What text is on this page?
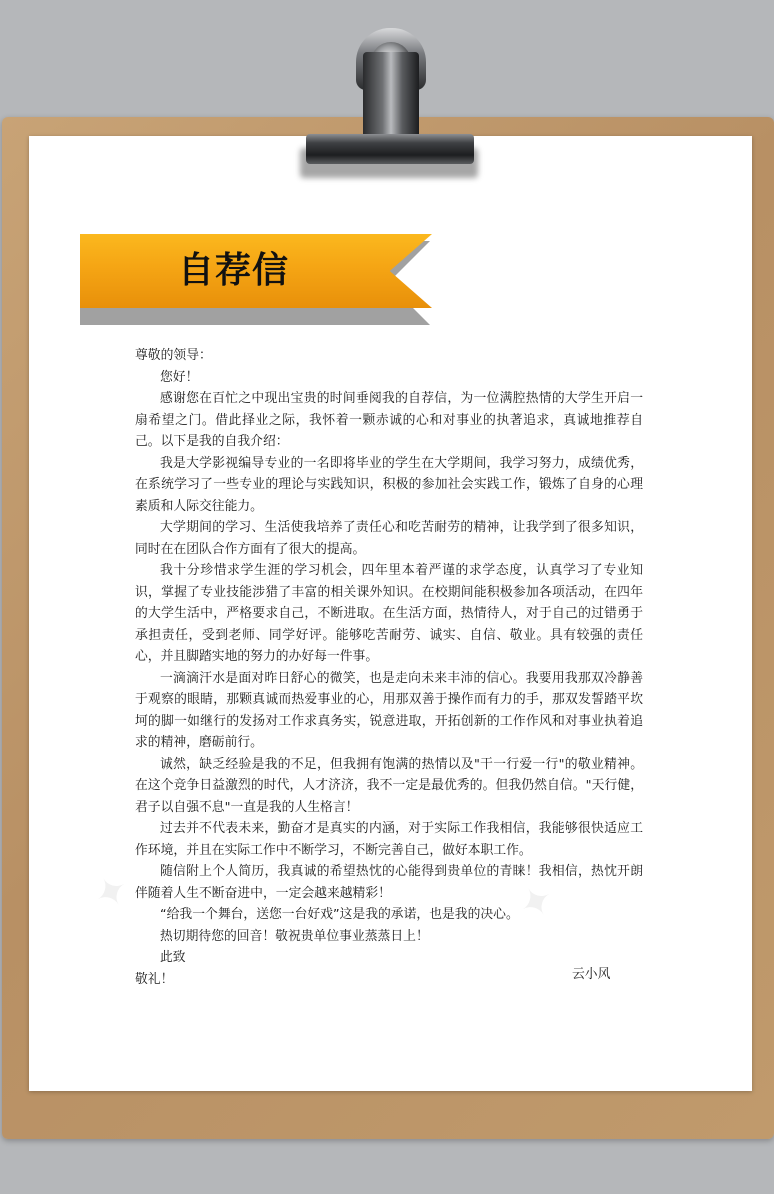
✦	✦
自荐信

尊敬的领导：

您好！

感谢您在百忙之中现出宝贵的时间垂阅我的自荐信，为一位满腔热情的大学生开启一扇希望之门。借此择业之际，我怀着一颗赤诚的心和对事业的执著追求，真诚地推荐自己。以下是我的自我介绍：

我是大学影视编导专业的一名即将毕业的学生在大学期间，我学习努力，成绩优秀，在系统学习了一些专业的理论与实践知识，积极的参加社会实践工作，锻炼了自身的心理素质和人际交往能力。

大学期间的学习、生活使我培养了责任心和吃苦耐劳的精神，让我学到了很多知识，同时在在团队合作方面有了很大的提高。

我十分珍惜求学生涯的学习机会，四年里本着严谨的求学态度，认真学习了专业知识，掌握了专业技能涉猎了丰富的相关课外知识。在校期间能积极参加各项活动，在四年的大学生活中，严格要求自己，不断进取。在生活方面，热情待人，对于自己的过错勇于承担责任，受到老师、同学好评。能够吃苦耐劳、诚实、自信、敬业。具有较强的责任心，并且脚踏实地的努力的办好每一件事。

一滴滴汗水是面对昨日舒心的微笑，也是走向未来丰沛的信心。我要用我那双冷静善于观察的眼睛，那颗真诚而热爱事业的心，用那双善于操作而有力的手，那双发誓踏平坎坷的脚一如继行的发扬对工作求真务实，锐意进取，开拓创新的工作作风和对事业执着追求的精神，磨砺前行。

诚然，缺乏经验是我的不足，但我拥有饱满的热情以及"干一行爱一行"的敬业精神。在这个竞争日益激烈的时代，人才济济，我不一定是最优秀的。但我仍然自信。"天行健，君子以自强不息"一直是我的人生格言！

过去并不代表未来，勤奋才是真实的内涵，对于实际工作我相信，我能够很快适应工作环境，并且在实际工作中不断学习，不断完善自己，做好本职工作。

随信附上个人简历，我真诚的希望热忱的心能得到贵单位的青睐！我相信，热忱开朗伴随着人生不断奋进中，一定会越来越精彩！

“给我一个舞台，送您一台好戏”这是我的承诺，也是我的决心。

热切期待您的回音！敬祝贵单位事业蒸蒸日上！

此致

敬礼！	云小风
